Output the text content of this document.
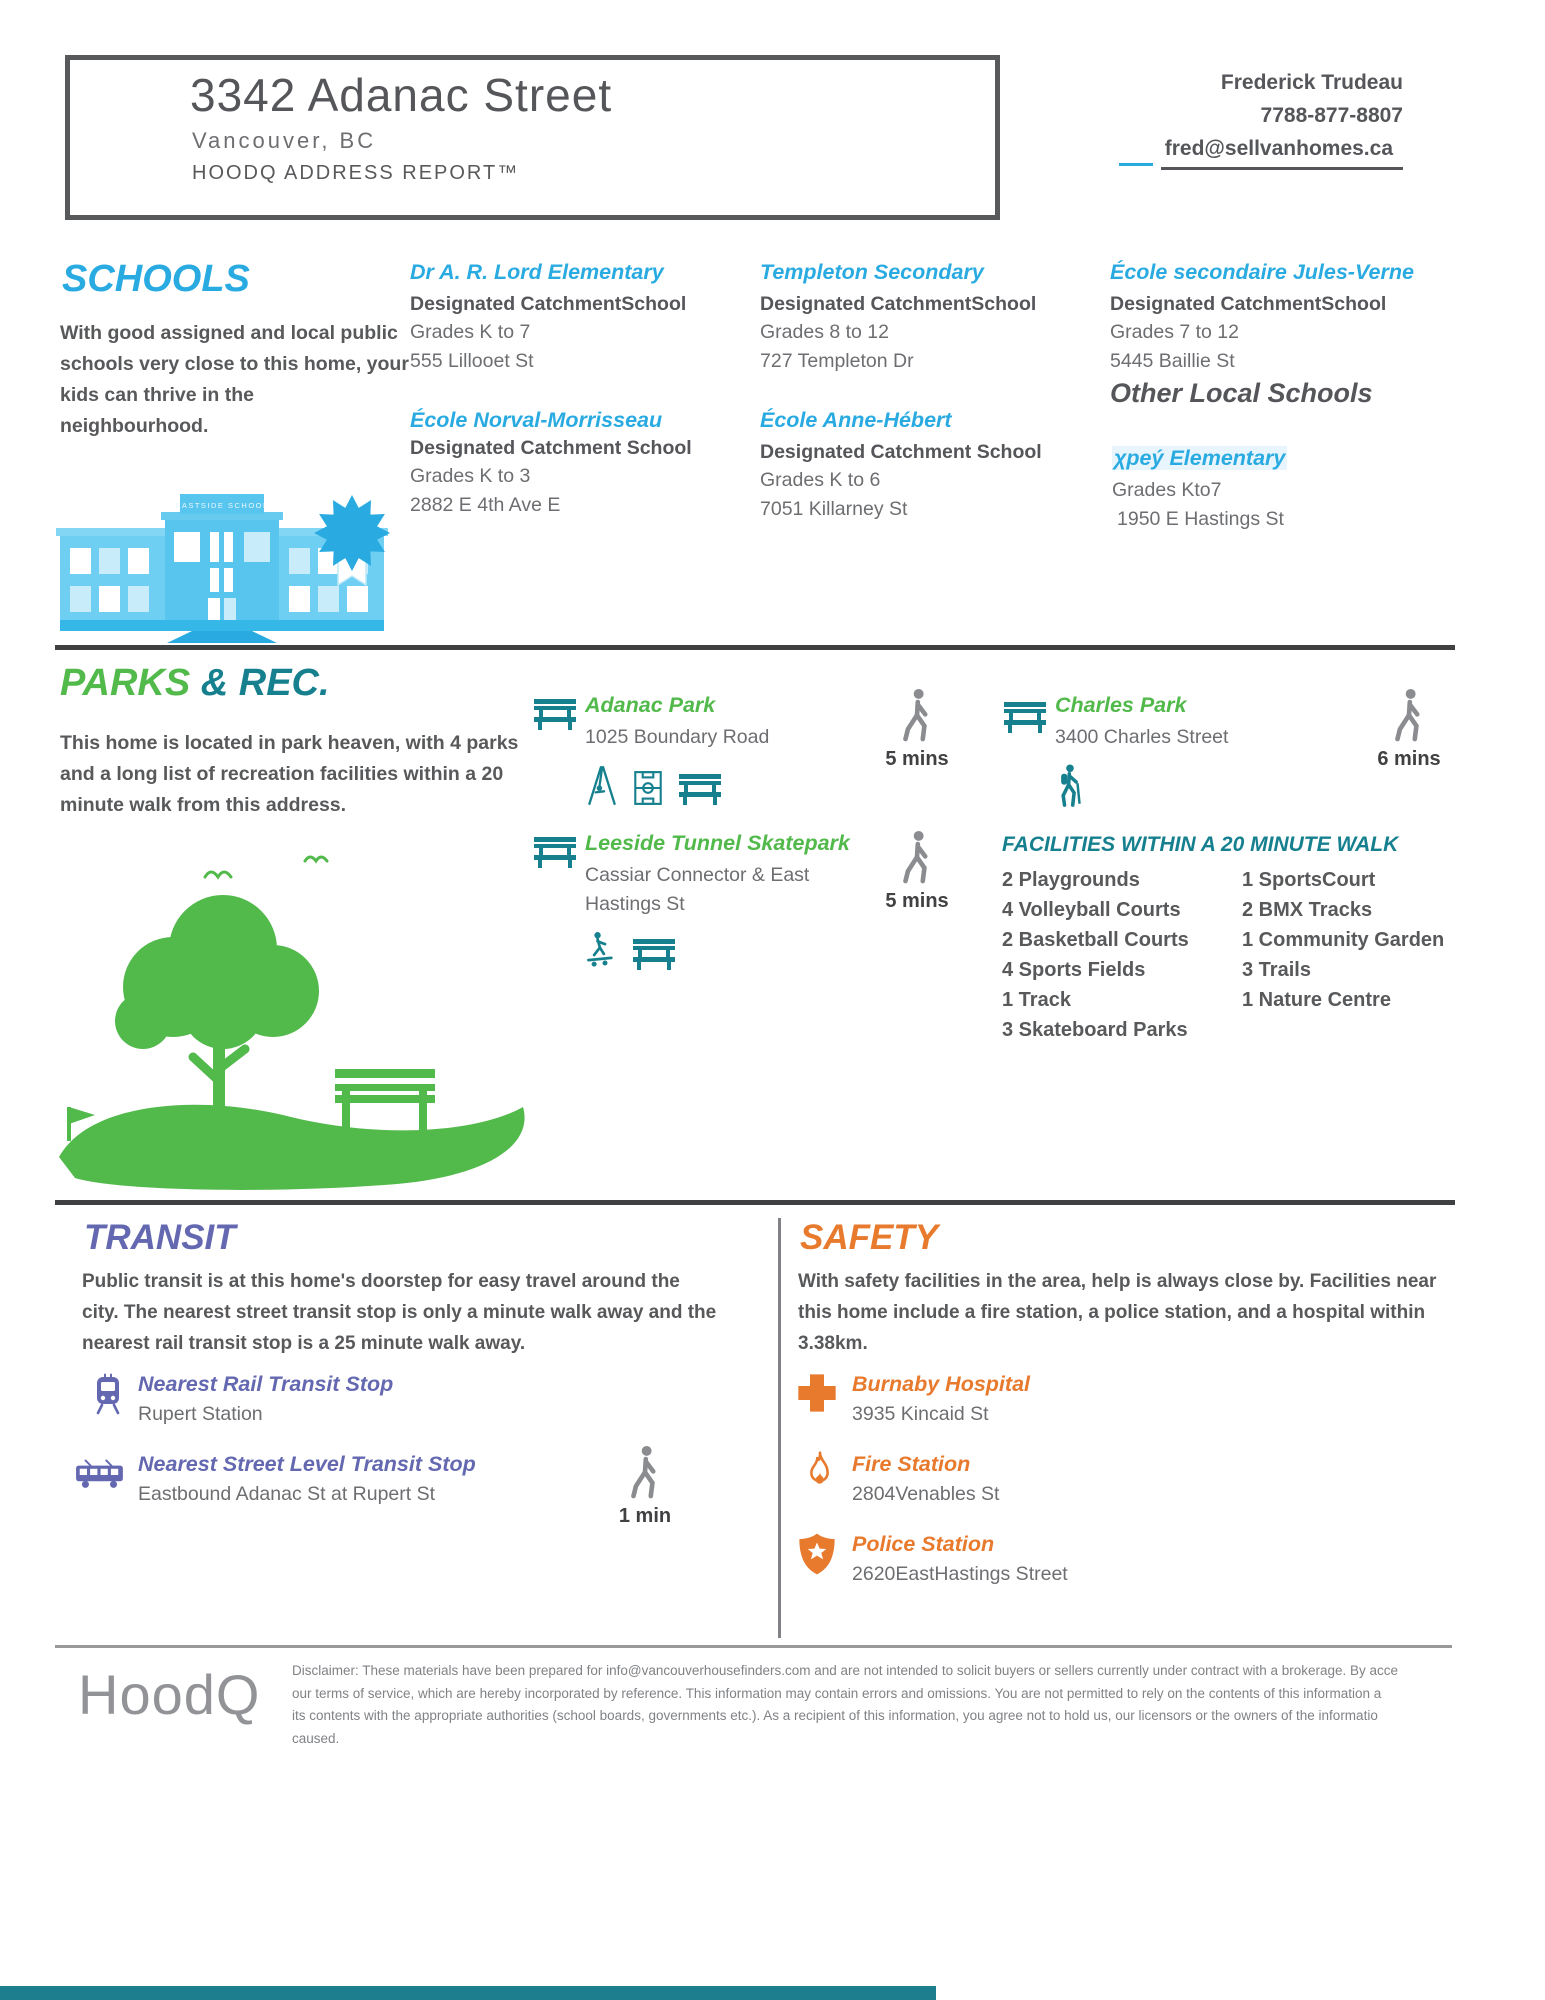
3342 Adanac Street
Vancouver, BC
HOODQ ADDRESS REPORT™
Frederick Trudeau
7788-877-8807
fred@sellvanhomes.ca
SCHOOLS
With good assigned and local public
schools very close to this home, your
kids can thrive in the
neighbourhood.
Dr A. R. Lord Elementary
Designated CatchmentSchool
Grades K to 7
555 Lillooet St
Templeton Secondary
Designated CatchmentSchool
Grades 8 to 12
727 Templeton Dr
École secondaire Jules-Verne
Designated CatchmentSchool
Grades 7 to 12
5445 Baillie St
École Norval-Morrisseau
Designated Catchment School
Grades K to 3
2882 E 4th Ave E
École Anne-Hébert
Designated Catchment School
Grades K to 6
7051 Killarney St
Other Local Schools
χpeý Elementary
Grades Kto7
1950 E Hastings St
EASTSIDE SCHOOL
PARKS & REC.
This home is located in park heaven, with 4 parks
and a long list of recreation facilities within a 20
minute walk from this address.
Adanac Park
1025 Boundary Road
5 mins
Charles Park
3400 Charles Street
6 mins
Leeside Tunnel Skatepark
Cassiar Connector & East
Hastings St	5 mins
FACILITIES WITHIN A 20 MINUTE WALK
2 Playgrounds
4 Volleyball Courts
2 Basketball Courts
4 Sports Fields
1 Track
3 Skateboard Parks
1 SportsCourt
2 BMX Tracks
1 Community Garden
3 Trails
1 Nature Centre
TRANSIT
Public transit is at this home's doorstep for easy travel around the
city. The nearest street transit stop is only a minute walk away and the
nearest rail transit stop is a 25 minute walk away.
Nearest Rail Transit Stop
Rupert Station
Nearest Street Level Transit Stop
Eastbound Adanac St at Rupert St
1 min
SAFETY
With safety facilities in the area, help is always close by. Facilities near
this home include a fire station, a police station, and a hospital within
3.38km.
Burnaby Hospital
3935 Kincaid St
Fire Station
2804Venables St
Police Station
2620EastHastings Street
HoodQ Disclaimer: These materials have been prepared for info@vancouverhousefinders.com and are not intended to solicit buyers or sellers currently under contract with a brokerage. By acce
our terms of service, which are hereby incorporated by reference. This information may contain errors and omissions. You are not permitted to rely on the contents of this information a
its contents with the appropriate authorities (school boards, governments etc.). As a recipient of this information, you agree not to hold us, our licensors or the owners of the informatio
caused.
